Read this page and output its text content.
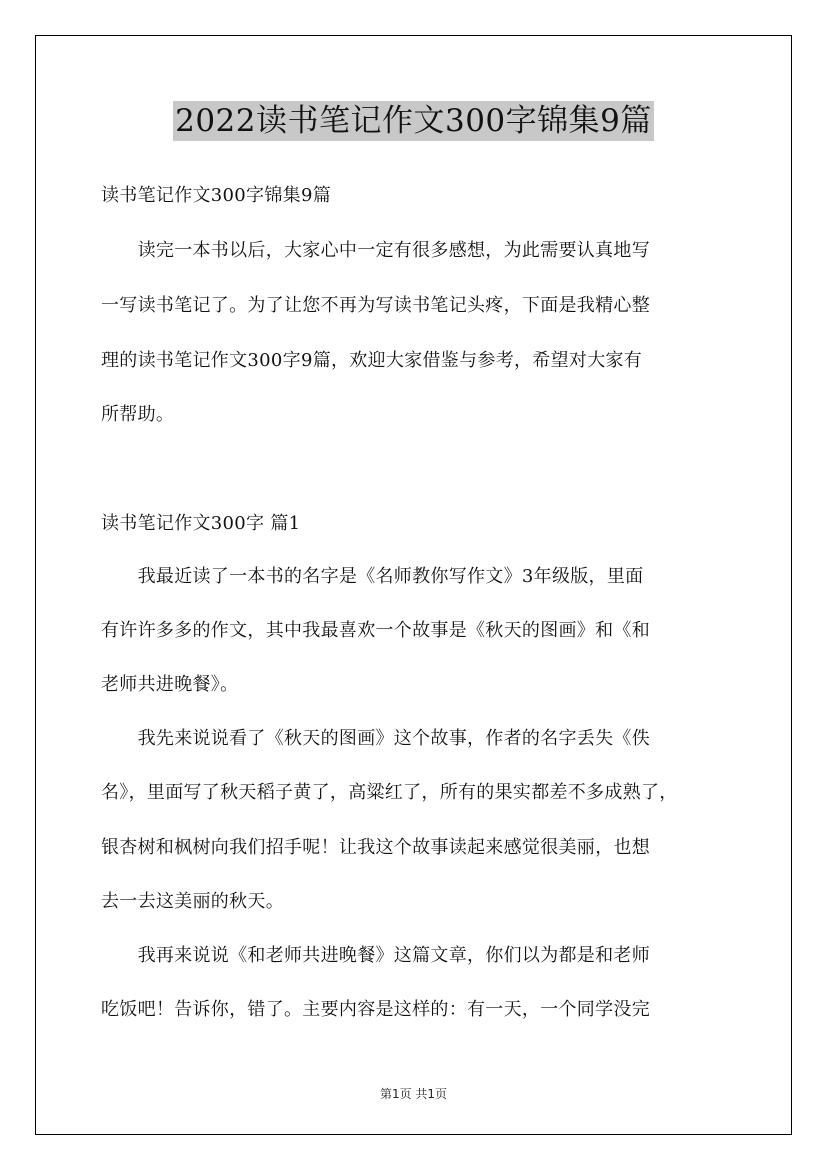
2022读书笔记作文300字锦集9篇
读书笔记作文300字锦集9篇
　　读完一本书以后，大家心中一定有很多感想，为此需要认真地写
一写读书笔记了。为了让您不再为写读书笔记头疼，下面是我精心整
理的读书笔记作文300字9篇，欢迎大家借鉴与参考，希望对大家有
所帮助。
读书笔记作文300字 篇1
　　我最近读了一本书的名字是《名师教你写作文》3年级版，里面
有许许多多的作文，其中我最喜欢一个故事是《秋天的图画》和《和
老师共进晚餐》。
　　我先来说说看了《秋天的图画》这个故事，作者的名字丢失《佚
名》，里面写了秋天稻子黄了，高粱红了，所有的果实都差不多成熟了，
银杏树和枫树向我们招手呢！让我这个故事读起来感觉很美丽，也想
去一去这美丽的秋天。
　　我再来说说《和老师共进晚餐》这篇文章，你们以为都是和老师
吃饭吧！告诉你，错了。主要内容是这样的：有一天，一个同学没完
第1页 共1页
